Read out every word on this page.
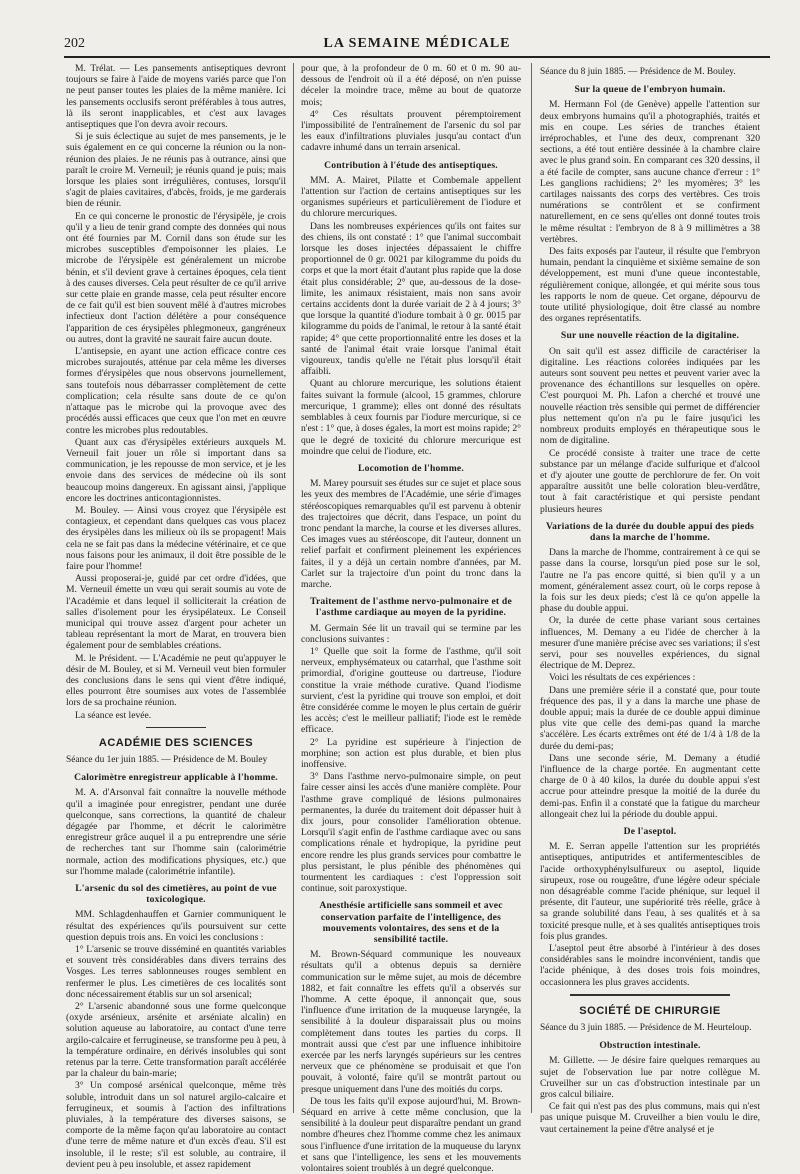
202	LA SEMAINE MÉDICALE

M. Trélat. — Les pansements antiseptiques devront toujours se faire à l'aide de moyens variés parce que l'on ne peut panser toutes les plaies de la même manière. Ici les pansements occlusifs seront préférables à tous autres, là ils seront inapplicables, et c'est aux lavages antiseptiques que l'on devra avoir recours.

Si je suis éclectique au sujet de mes pansements, je le suis également en ce qui concerne la réunion ou la non-réunion des plaies. Je ne réunis pas à outrance, ainsi que paraît le croire M. Verneuil; je réunis quand je puis; mais lorsque les plaies sont irrégulières, contuses, lorsqu'il s'agit de plaies cavitaires, d'abcès, froids, je me garderais bien de réunir.

En ce qui concerne le pronostic de l'érysipèle, je crois qu'il y a lieu de tenir grand compte des données qui nous ont été fournies par M. Cornil dans son étude sur les microbes susceptibles d'empoisonner les plaies. Le microbe de l'érysipèle est généralement un microbe bénin, et s'il devient grave à certaines époques, cela tient à des causes diverses. Cela peut résulter de ce qu'il arrive sur cette plaie en grande masse, cela peut résulter encore de ce fait qu'il est bien souvent mêlé à d'autres microbes infectieux dont l'action délétère a pour conséquence l'apparition de ces érysipèles phlegmoneux, gangréneux ou autres, dont la gravité ne saurait faire aucun doute.

L'antisepsie, en ayant une action efficace contre ces microbes surajoutés, atténue par cela même les diverses formes d'érysipèles que nous observons journellement, sans toutefois nous débarrasser complètement de cette complication; cela résulte sans doute de ce qu'on n'attaque pas le microbe qui la provoque avec des procédés aussi efficaces que ceux que l'on met en œuvre contre les microbes plus redoutables.

Quant aux cas d'érysipèles extérieurs auxquels M. Verneuil fait jouer un rôle si important dans sa communication, je les repousse de mon service, et je les envoie dans des services de médecine où ils sont beaucoup moins dangereux. En agissant ainsi, j'applique encore les doctrines anticontagionnistes.

M. Bouley. — Ainsi vous croyez que l'érysipèle est contagieux, et cependant dans quelques cas vous placez des érysipèles dans les milieux où ils se propagent! Mais cela ne se fait pas dans la médecine vétérinaire, et ce que nous faisons pour les animaux, il doit être possible de le faire pour l'homme!

Aussi proposerai-je, guidé par cet ordre d'idées, que M. Verneuil émette un vœu qui serait soumis au vote de l'Académie et dans lequel il solliciterait la création de salles d'isolement pour les érysipélateux. Le Conseil municipal qui trouve assez d'argent pour acheter un tableau représentant la mort de Marat, en trouvera bien également pour de semblables créations.

M. le Président. — L'Académie ne peut qu'appuyer le désir de M. Bouley, et si M. Verneuil veut bien formuler des conclusions dans le sens qui vient d'être indiqué, elles pourront être soumises aux votes de l'assemblée lors de sa prochaine réunion.

La séance est levée.

ACADÉMIE DES SCIENCES

Séance du 1er juin 1885. — Présidence de M. Bouley

Calorimètre enregistreur applicable à l'homme.

M. A. d'Arsonval fait connaître la nouvelle méthode qu'il a imaginée pour enregistrer, pendant une durée quelconque, sans corrections, la quantité de chaleur dégagée par l'homme, et décrit le calorimètre enregistreur grâce auquel il a pu entreprendre une série de recherches tant sur l'homme sain (calorimétrie normale, action des modifications physiques, etc.) que sur l'homme malade (calorimétrie infantile).

L'arsenic du sol des cimetières, au point de vue toxicologique.

MM. Schlagdenhauffen et Garnier communiquent le résultat des expériences qu'ils poursuivent sur cette question depuis trois ans. En voici les conclusions :

1° L'arsenic se trouve disséminé en quantités variables et souvent très considérables dans divers terrains des Vosges. Les terres sablonneuses rouges semblent en renfermer le plus. Les cimetières de ces localités sont donc nécessairement établis sur un sol arsenical;

2° L'arsenic abandonné sous une forme quelconque (oxyde arsénieux, arsénite et arséniate alcalin) en solution aqueuse au laboratoire, au contact d'une terre argilo-calcaire et ferrugineuse, se transforme peu à peu, à la température ordinaire, en dérivés insolubles qui sont retenus par la terre. Cette transformation paraît accélérée par la chaleur du bain-marie;

3° Un composé arsénical quelconque, même très soluble, introduit dans un sol naturel argilo-calcaire et ferrugineux, et soumis à l'action des infiltrations pluviales, à la température des diverses saisons, se comporte de la même façon qu'au laboratoire au contact d'une terre de même nature et d'un excès d'eau. S'il est insoluble, il le reste; s'il est soluble, au contraire, il devient peu à peu insoluble, et assez rapidement

pour que, à la profondeur de 0 m. 60 et 0 m. 90 au-dessous de l'endroit où il a été déposé, on n'en puisse déceler la moindre trace, même au bout de quatorze mois;

4° Ces résultats prouvent péremptoirement l'impossibilité de l'entraînement de l'arsenic du sol par les eaux d'infiltrations pluviales jusqu'au contact d'un cadavre inhumé dans un terrain arsenical.

Contribution à l'étude des antiseptiques.

MM. A. Mairet, Pilatte et Combemale appellent l'attention sur l'action de certains antiseptiques sur les organismes supérieurs et particulièrement de l'iodure et du chlorure mercuriques.

Dans les nombreuses expériences qu'ils ont faites sur des chiens, ils ont constaté : 1° que l'animal succombait lorsque les doses injectées dépassaient le chiffre proportionnel de 0 gr. 0021 par kilogramme du poids du corps et que la mort était d'autant plus rapide que la dose était plus considérable; 2° que, au-dessous de la dose-limite, les animaux résistaient, mais non sans avoir certains accidents dont la durée variait de 2 à 4 jours; 3° que lorsque la quantité d'iodure tombait à 0 gr. 0015 par kilogramme du poids de l'animal, le retour à la santé était rapide; 4° que cette proportionnalité entre les doses et la santé de l'animal était vraie lorsque l'animal était vigoureux, tandis qu'elle ne l'était plus lorsqu'il était affaibli.

Quant au chlorure mercurique, les solutions étaient faites suivant la formule (alcool, 15 grammes, chlorure mercurique, 1 gramme); elles ont donné des résultats semblables à ceux fournis par l'iodure mercurique, si ce n'est : 1° que, à doses égales, la mort est moins rapide; 2° que le degré de toxicité du chlorure mercurique est moindre que celui de l'iodure, etc.

Locomotion de l'homme.

M. Marey poursuit ses études sur ce sujet et place sous les yeux des membres de l'Académie, une série d'images stéréoscopiques remarquables qu'il est parvenu à obtenir des trajectoires que décrit, dans l'espace, un point du tronc pendant la marche, la course et les diverses allures. Ces images vues au stéréoscope, dit l'auteur, donnent un relief parfait et confirment pleinement les expériences faites, il y a déjà un certain nombre d'années, par M. Carlet sur la trajectoire d'un point du tronc dans la marche.

Traitement de l'asthme nervo-pulmonaire et de l'asthme cardiaque au moyen de la pyridine.

M. Germain Sée lit un travail qui se termine par les conclusions suivantes :

1° Quelle que soit la forme de l'asthme, qu'il soit nerveux, emphysémateux ou catarrhal, que l'asthme soit primordial, d'origine goutteuse ou dartreuse, l'iodure constitue la vraie méthode curative. Quand l'iodisme survient, c'est la pyridine qui trouve son emploi, et doit être considérée comme le moyen le plus certain de guérir les accès; c'est le meilleur palliatif; l'iode est le remède efficace.

2° La pyridine est supérieure à l'injection de morphine; son action est plus durable, et bien plus inoffensive.

3° Dans l'asthme nervo-pulmonaire simple, on peut faire cesser ainsi les accès d'une manière complète. Pour l'asthme grave compliqué de lésions pulmonaires permanentes, la durée du traitement doit dépasser huit à dix jours, pour consolider l'amélioration obtenue. Lorsqu'il s'agit enfin de l'asthme cardiaque avec ou sans complications rénale et hydropique, la pyridine peut encore rendre les plus grands services pour combattre le plus persistant, le plus pénible des phénomènes qui tourmentent les cardiaques : c'est l'oppression soit continue, soit paroxystique.

Anesthésie artificielle sans sommeil et avec conservation parfaite de l'intelligence, des mouvements volontaires, des sens et de la sensibilité tactile.

M. Brown-Séquard communique les nouveaux résultats qu'il a obtenus depuis sa dernière communication sur le même sujet, au mois de décembre 1882, et fait connaître les effets qu'il a observés sur l'homme. A cette époque, il annonçait que, sous l'influence d'une irritation de la muqueuse laryngée, la sensibilité à la douleur disparaissait plus ou moins complètement dans toutes les parties du corps. Il montrait aussi que c'est par une influence inhibitoire exercée par les nerfs laryngés supérieurs sur les centres nerveux que ce phénomène se produisait et que l'on pouvait, à volonté, faire qu'il se montrât partout ou presque uniquement dans l'une des moitiés du corps.

De tous les faits qu'il expose aujourd'hui, M. Brown-Séquard en arrive à cette même conclusion, que la sensibilité à la douleur peut disparaître pendant un grand nombre d'heures chez l'homme comme chez les animaux sous l'influence d'une irritation de la muqueuse du larynx et sans que l'intelligence, les sens et les mouvements volontaires soient troublés à un degré quelconque.

Séance du 8 juin 1885. — Présidence de M. Bouley.

Sur la queue de l'embryon humain.

M. Hermann Fol (de Genève) appelle l'attention sur deux embryons humains qu'il a photographiés, traités et mis en coupe. Les séries de tranches étaient irréprochables, et l'une des deux, comprenant 320 sections, a été tout entière dessinée à la chambre claire avec le plus grand soin. En comparant ces 320 dessins, il a été facile de compter, sans aucune chance d'erreur : 1° Les ganglions rachidiens; 2° les myomères; 3° les cartilages naissants des corps des vertèbres. Ces trois numérations se contrôlent et se confirment naturellement, en ce sens qu'elles ont donné toutes trois le même résultat : l'embryon de 8 à 9 millimètres a 38 vertèbres.

Des faits exposés par l'auteur, il résulte que l'embryon humain, pendant la cinquième et sixième semaine de son développement, est muni d'une queue incontestable, régulièrement conique, allongée, et qui mérite sous tous les rapports le nom de queue. Cet organe, dépourvu de toute utilité physiologique, doit être classé au nombre des organes représentatifs.

Sur une nouvelle réaction de la digitaline.

On sait qu'il est assez difficile de caractériser la digitaline. Les réactions colorées indiquées par les auteurs sont souvent peu nettes et peuvent varier avec la provenance des échantillons sur lesquelles on opère. C'est pourquoi M. Ph. Lafon a cherché et trouvé une nouvelle réaction très sensible qui permet de différencier plus nettement qu'on n'a pu le faire jusqu'ici les nombreux produits employés en thérapeutique sous le nom de digitaline.

Ce procédé consiste à traiter une trace de cette substance par un mélange d'acide sulfurique et d'alcool et d'y ajouter une goutte de perchlorure de fer. On voit apparaître aussitôt une belle coloration bleu-verdâtre, tout à fait caractéristique et qui persiste pendant plusieurs heures

Variations de la durée du double appui des pieds dans la marche de l'homme.

Dans la marche de l'homme, contrairement à ce qui se passe dans la course, lorsqu'un pied pose sur le sol, l'autre ne l'a pas encore quitté, si bien qu'il y a un moment, généralement assez court, où le corps repose à la fois sur les deux pieds; c'est là ce qu'on appelle la phase du double appui.

Or, la durée de cette phase variant sous certaines influences, M. Demany a eu l'idée de chercher à la mesurer d'une manière précise avec ses variations; il s'est servi, pour ses nouvelles expériences, du signal électrique de M. Deprez.

Voici les résultats de ces expériences :

Dans une première série il a constaté que, pour toute fréquence des pas, il y a dans la marche une phase de double appui; mais la durée de ce double appui diminue plus vite que celle des demi-pas quand la marche s'accélère. Les écarts extrêmes ont été de 1/4 à 1/8 de la durée du demi-pas;

Dans une seconde série, M. Demany a étudié l'influence de la charge portée. En augmentant cette charge de 0 à 40 kilos, la durée du double appui s'est accrue pour atteindre presque la moitié de la durée du demi-pas. Enfin il a constaté que la fatigue du marcheur allongeait chez lui la période du double appui.

De l'aseptol.

M. E. Serran appelle l'attention sur les propriétés antiseptiques, antiputrides et antifermentescibles de l'acide orthoxyphénylsulfureux ou aseptol, liquide sirupeux, rose ou rougeâtre, d'une légère odeur spéciale non désagréable comme l'acide phénique, sur lequel il présente, dit l'auteur, une supériorité très réelle, grâce à sa grande solubilité dans l'eau, à ses qualités et à sa toxicité presque nulle, et à ses qualités antiseptiques trois fois plus grandes.

L'aseptol peut être absorbé à l'intérieur à des doses considérables sans le moindre inconvénient, tandis que l'acide phénique, à des doses trois fois moindres, occasionnera les plus graves accidents.

SOCIÉTÉ DE CHIRURGIE

Séance du 3 juin 1885. — Présidence de M. Heurteloup.

Obstruction intestinale.

M. Gillette. — Je désire faire quelques remarques au sujet de l'observation lue par notre collègue M. Cruveilher sur un cas d'obstruction intestinale par un gros calcul biliaire.

Ce fait qui n'est pas des plus communs, mais qui n'est pas unique puisque M. Cruveilher a bien voulu le dire, vaut certainement la peine d'être analysé et je
